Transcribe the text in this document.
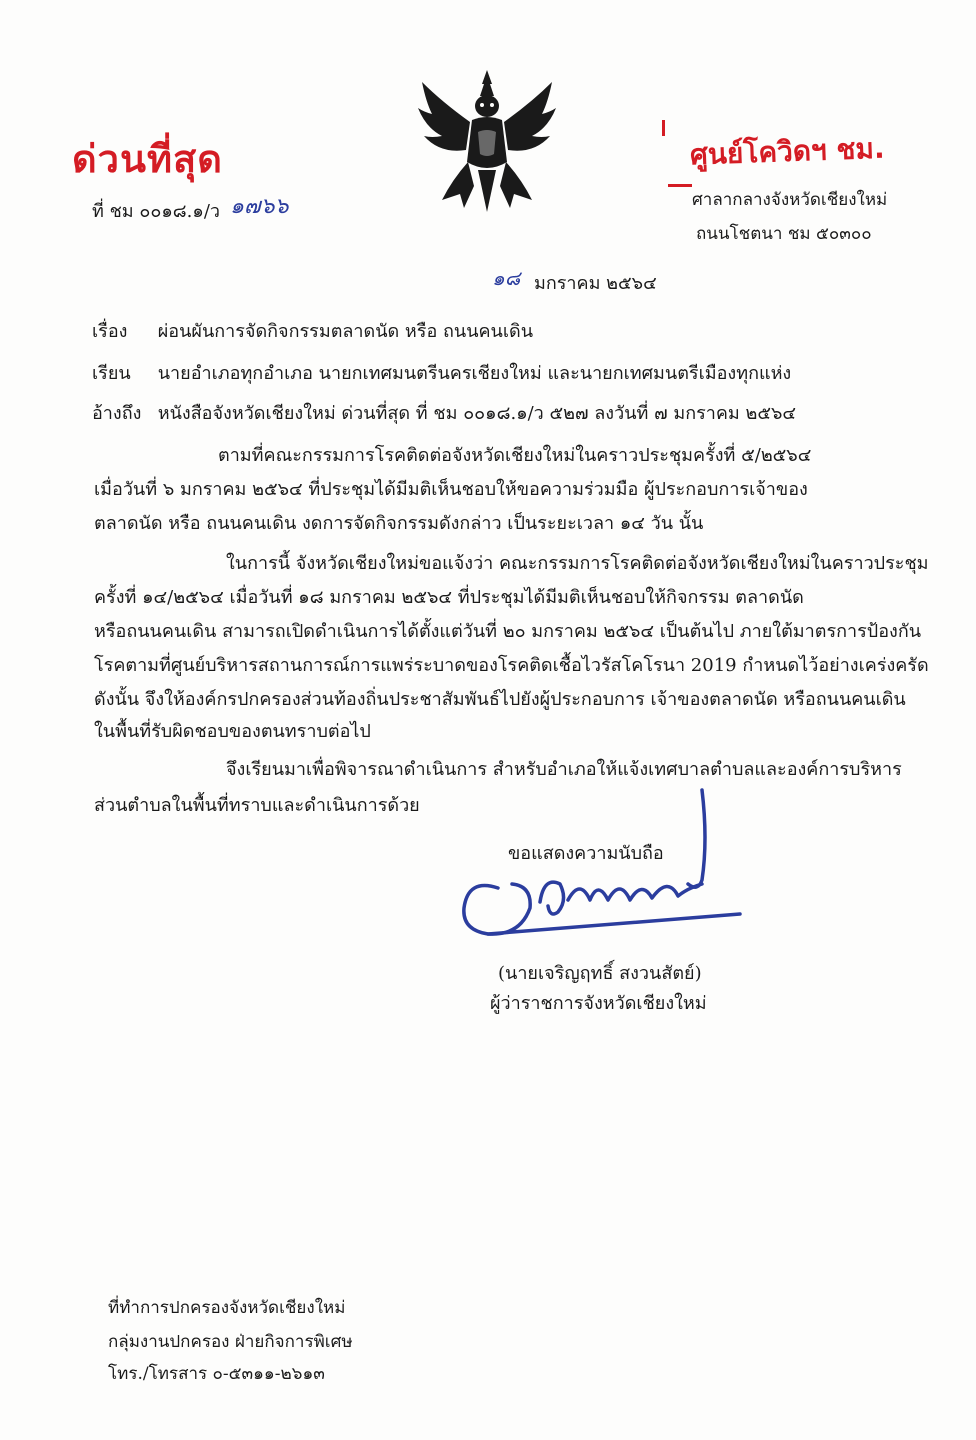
ด่วนที่สุด
ที่ ชม ๐๐๑๘.๑/ว ๑๗๖๖
ศูนย์โควิดฯ ชม.
ศาลากลางจังหวัดเชียงใหม่
ถนนโชตนา ชม ๕๐๓๐๐
๑๘ มกราคม ๒๕๖๔
เรื่อง ผ่อนผันการจัดกิจกรรมตลาดนัด หรือ ถนนคนเดิน
เรียน นายอำเภอทุกอำเภอ นายกเทศมนตรีนครเชียงใหม่ และนายกเทศมนตรีเมืองทุกแห่ง
อ้างถึง หนังสือจังหวัดเชียงใหม่ ด่วนที่สุด ที่ ชม ๐๐๑๘.๑/ว ๕๒๗ ลงวันที่ ๗ มกราคม ๒๕๖๔
ตามที่คณะกรรมการโรคติดต่อจังหวัดเชียงใหม่ในคราวประชุมครั้งที่ ๕/๒๕๖๔
เมื่อวันที่ ๖ มกราคม ๒๕๖๔ ที่ประชุมได้มีมติเห็นชอบให้ขอความร่วมมือ ผู้ประกอบการเจ้าของ
ตลาดนัด หรือ ถนนคนเดิน งดการจัดกิจกรรมดังกล่าว เป็นระยะเวลา ๑๔ วัน นั้น
ในการนี้ จังหวัดเชียงใหม่ขอแจ้งว่า คณะกรรมการโรคติดต่อจังหวัดเชียงใหม่ในคราวประชุม
ครั้งที่ ๑๔/๒๕๖๔ เมื่อวันที่ ๑๘ มกราคม ๒๕๖๔ ที่ประชุมได้มีมติเห็นชอบให้กิจกรรม ตลาดนัด
หรือถนนคนเดิน สามารถเปิดดำเนินการได้ตั้งแต่วันที่ ๒๐ มกราคม ๒๕๖๔ เป็นต้นไป ภายใต้มาตรการป้องกัน
โรคตามที่ศูนย์บริหารสถานการณ์การแพร่ระบาดของโรคติดเชื้อไวรัสโคโรนา 2019 กำหนดไว้อย่างเคร่งครัด
ดังนั้น จึงให้องค์กรปกครองส่วนท้องถิ่นประชาสัมพันธ์ไปยังผู้ประกอบการ เจ้าของตลาดนัด หรือถนนคนเดิน
ในพื้นที่รับผิดชอบของตนทราบต่อไป
จึงเรียนมาเพื่อพิจารณาดำเนินการ สำหรับอำเภอให้แจ้งเทศบาลตำบลและองค์การบริหาร
ส่วนตำบลในพื้นที่ทราบและดำเนินการด้วย
ขอแสดงความนับถือ
(นายเจริญฤทธิ์ สงวนสัตย์)
ผู้ว่าราชการจังหวัดเชียงใหม่
ที่ทำการปกครองจังหวัดเชียงใหม่
กลุ่มงานปกครอง ฝ่ายกิจการพิเศษ
โทร./โทรสาร ๐-๕๓๑๑-๒๖๑๓
